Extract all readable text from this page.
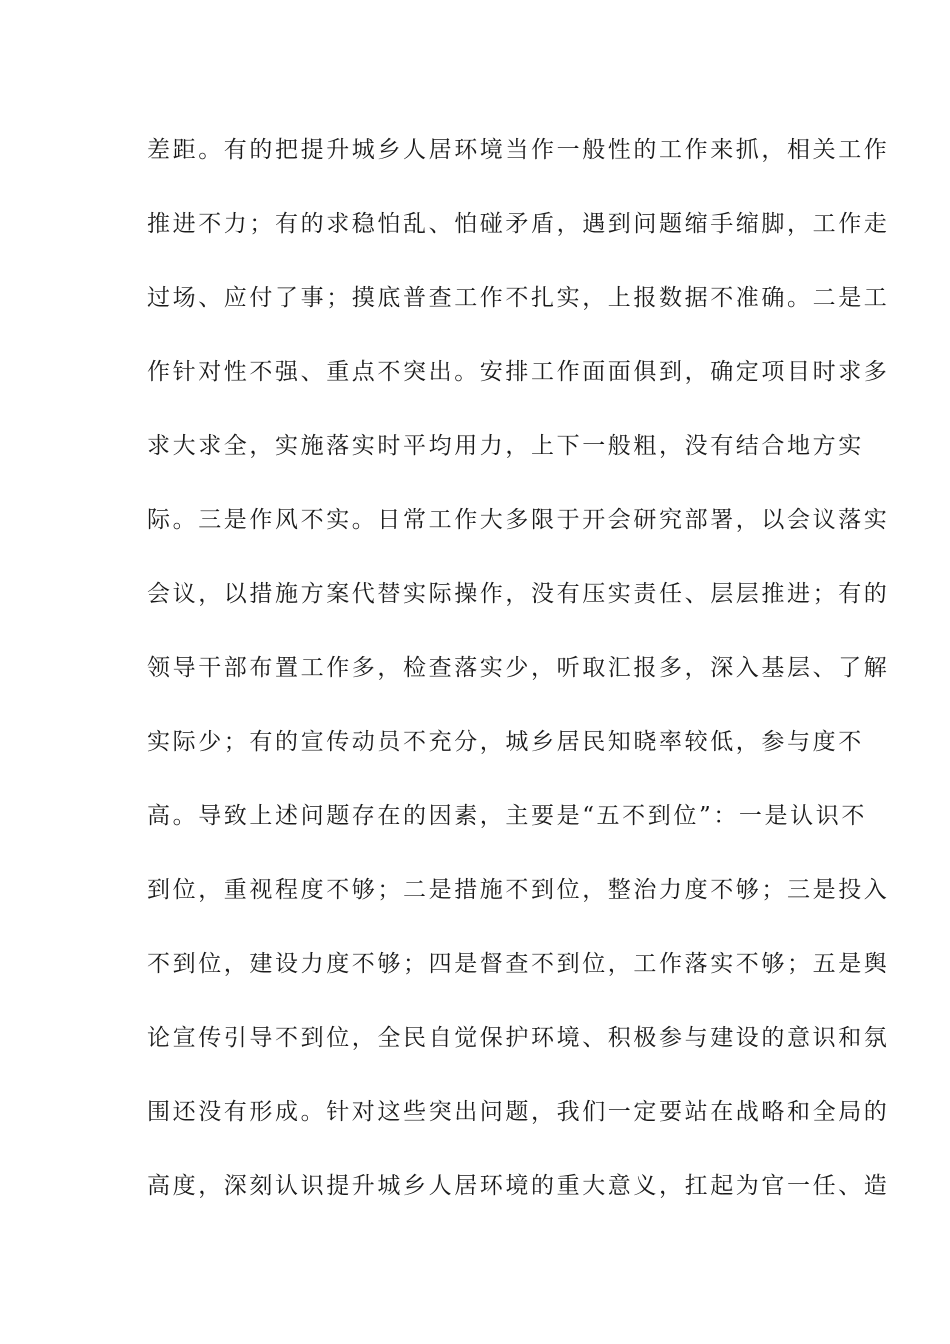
差距。有的把提升城乡人居环境当作一般性的工作来抓，相关工作
推进不力；有的求稳怕乱、怕碰矛盾，遇到问题缩手缩脚，工作走
过场、应付了事；摸底普查工作不扎实，上报数据不准确。二是工
作针对性不强、重点不突出。安排工作面面俱到，确定项目时求多
求大求全，实施落实时平均用力，上下一般粗，没有结合地方实
际。三是作风不实。日常工作大多限于开会研究部署，以会议落实
会议，以措施方案代替实际操作，没有压实责任、层层推进；有的
领导干部布置工作多，检查落实少，听取汇报多，深入基层、了解
实际少；有的宣传动员不充分，城乡居民知晓率较低，参与度不
高。导致上述问题存在的因素，主要是“五不到位”：一是认识不
到位，重视程度不够；二是措施不到位，整治力度不够；三是投入
不到位，建设力度不够；四是督查不到位，工作落实不够；五是舆
论宣传引导不到位，全民自觉保护环境、积极参与建设的意识和氛
围还没有形成。针对这些突出问题，我们一定要站在战略和全局的
高度，深刻认识提升城乡人居环境的重大意义，扛起为官一任、造
